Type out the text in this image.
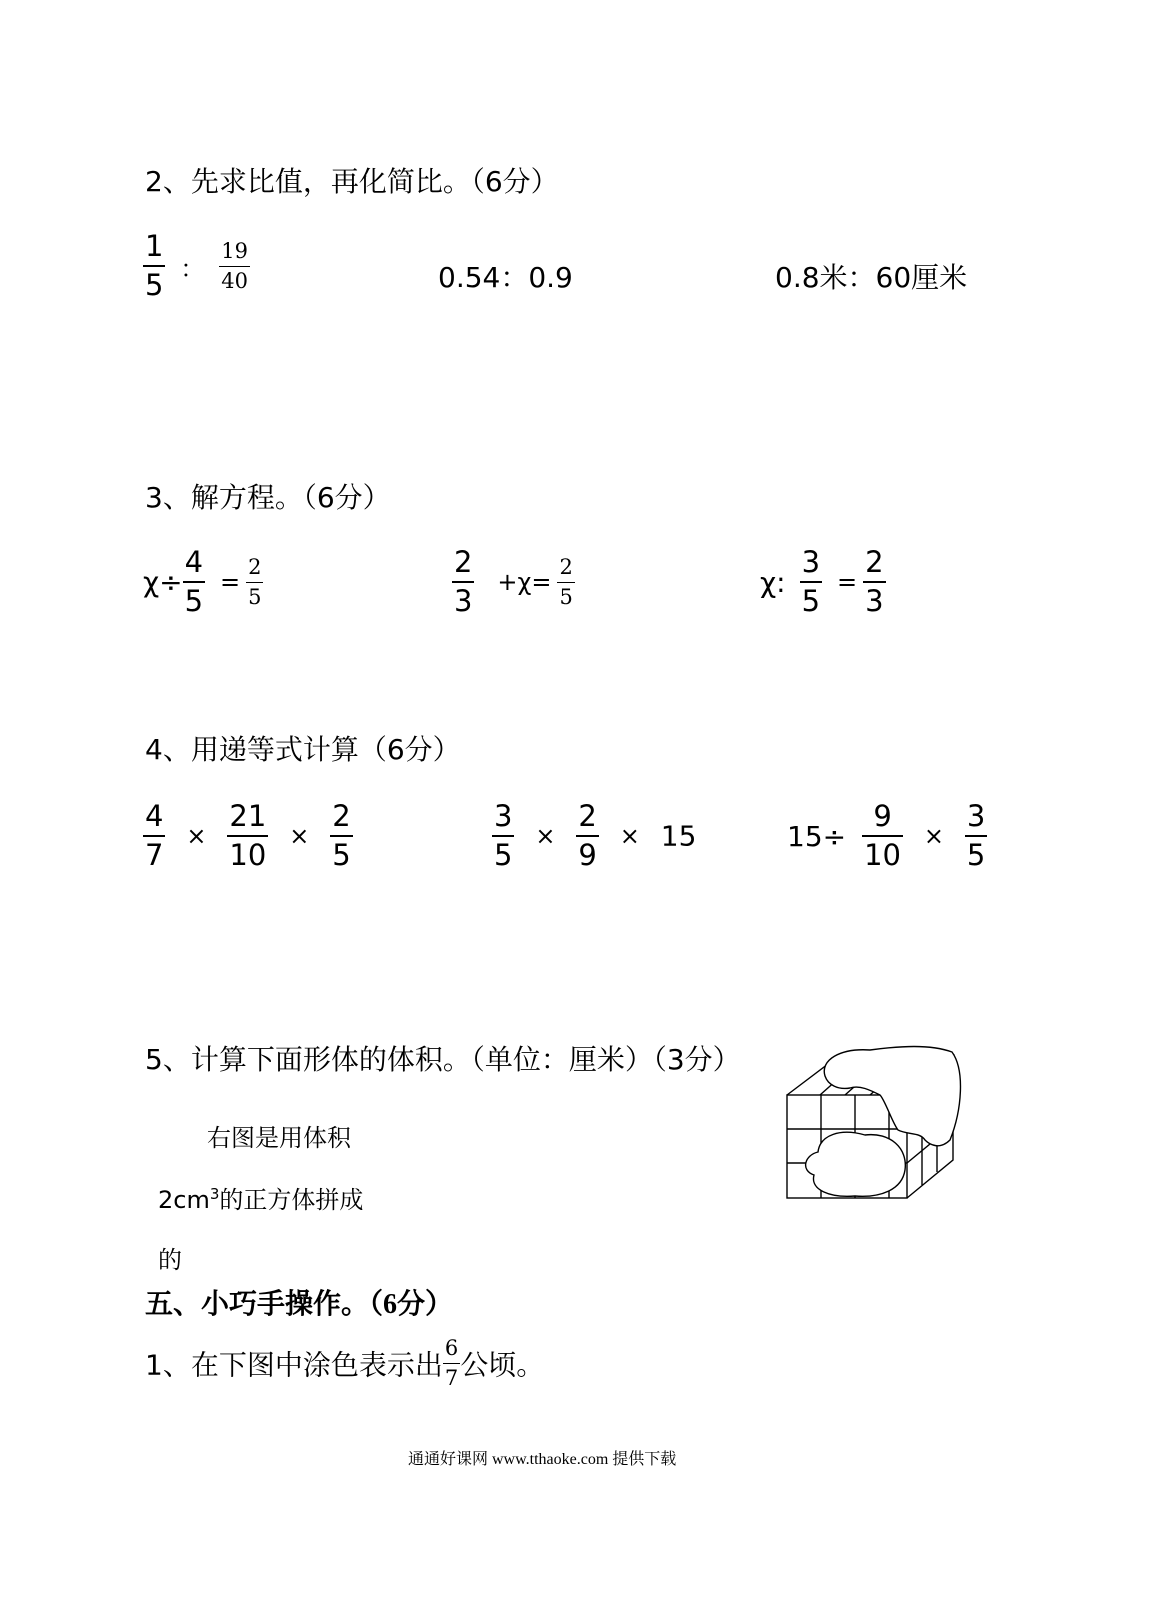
2、先求比值，再化简比。（6分）
$\frac{1}{5}$ ： $\frac{19}{40}$	0.54：0.9	0.8米：60厘米
3、解方程。（6分）
$\chi\div \frac{4}{5} = \frac{2}{5}$	$\frac{2}{3} +\chi= \frac{2}{5}$	χ: $\frac{3}{5} = \frac{2}{3}$
4、用递等式计算（6分）
$\frac{4}{7} \times \frac{21}{10} \times \frac{2}{5}$	$\frac{3}{5} \times \frac{2}{9} \times 15$	$15\div \frac{9}{10} \times \frac{3}{5}$
5、计算下面形体的体积。（单位：厘米）（3分）
右图是用体积
$2cm^3$的正方体拼成
的
五、小巧手操作。（6分）
1、在下图中涂色表示出 $\frac{6}{7}$ 公顷。
通通好课网 www.tthaoke.com 提供下载
